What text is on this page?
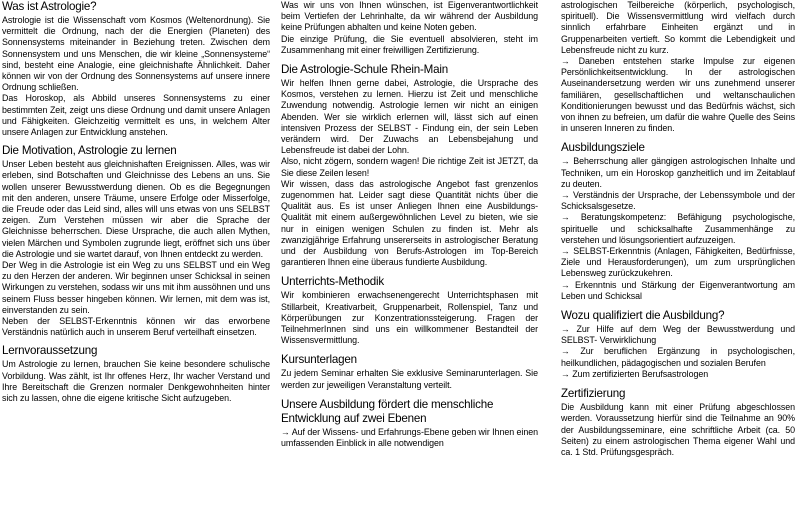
Was ist Astrologie?

Astrologie ist die Wissenschaft vom Kosmos (Weltenordnung). Sie vermittelt die Ordnung, nach der die Energien (Planeten) des Sonnensystems miteinander in Beziehung treten. Zwischen dem Sonnensystem und uns Menschen, die wir kleine „Sonnensysteme“ sind, besteht eine Analogie, eine gleichnishafte Ähnlichkeit. Daher können wir von der Ordnung des Sonnensystems auf unsere innere Ordnung schließen.

Das Horoskop, als Abbild unseres Sonnensystems zu einer bestimmten Zeit, zeigt uns diese Ordnung und damit unsere Anlagen und Fähigkeiten. Gleichzeitig vermittelt es uns, in welchem Alter unsere Anlagen zur Entwicklung anstehen.

Die Motivation, Astrologie zu lernen

Unser Leben besteht aus gleichnishaften Ereignissen. Alles, was wir erleben, sind Botschaften und Gleichnisse des Lebens an uns. Sie wollen unserer Bewusstwerdung dienen. Ob es die Begegnungen mit den anderen, unsere Träume, unsere Erfolge oder Misserfolge, die Freude oder das Leid sind, alles will uns etwas von uns SELBST zeigen. Zum Verstehen müssen wir aber die Sprache der Gleichnisse beherrschen. Diese Ursprache, die auch allen Mythen, vielen Märchen und Symbolen zugrunde liegt, eröffnet sich uns über die Astrologie und sie wartet darauf, von Ihnen entdeckt zu werden.

Der Weg in die Astrologie ist ein Weg zu uns SELBST und ein Weg zu den Herzen der anderen. Wir beginnen unser Schicksal in seinen Wirkungen zu verstehen, sodass wir uns mit ihm aussöhnen und uns seinem Fluss besser hingeben können. Wir lernen, mit dem was ist, einverstanden zu sein.

Neben der SELBST-Erkenntnis können wir das erworbene Verständnis natürlich auch in unserem Beruf verteilhaft einsetzen.

Lernvoraussetzung

Um Astrologie zu lernen, brauchen Sie keine besondere schulische Vorbildung. Was zählt, ist Ihr offenes Herz, Ihr wacher Verstand und Ihre Bereitschaft die Grenzen normaler Denkgewohnheiten hinter sich zu lassen, ohne die eigene kritische Sicht aufzugeben.

Was wir uns von Ihnen wünschen, ist Eigenverantwortlichkeit beim Vertiefen der Lehrinhalte, da wir während der Ausbildung keine Prüfungen abhalten und keine Noten geben.

Die einzige Prüfung, die Sie eventuell absolvieren, steht im Zusammenhang mit einer freiwilligen Zertifizierung.

Die Astrologie-Schule Rhein-Main

Wir helfen Ihnen gerne dabei, Astrologie, die Ursprache des Kosmos, verstehen zu lernen. Hierzu ist Zeit und menschliche Zuwendung notwendig. Astrologie lernen wir nicht an einigen Abenden. Wer sie wirklich erlernen will, lässt sich auf einen intensiven Prozess der SELBST - Findung ein, der sein Leben verändern wird. Der Zuwachs an Lebensbejahung und Lebensfreude ist dabei der Lohn.

Also, nicht zögern, sondern wagen! Die richtige Zeit ist JETZT, da Sie diese Zeilen lesen!

Wir wissen, dass das astrologische Angebot fast grenzenlos zugenommen hat. Leider sagt diese Quantität nichts über die Qualität aus. Es ist unser Anliegen Ihnen eine Ausbildungs-Qualität mit einem außergewöhnlichen Level zu bieten, wie sie nur in einigen wenigen Schulen zu finden ist. Mehr als zwanzigjährige Erfahrung unsererseits in astrologischer Beratung und der Ausbildung von Berufs-Astrologen im Top-Bereich garantieren Ihnen eine überaus fundierte Ausbildung.

Unterrichts-Methodik

Wir kombinieren erwachsenengerecht Unterrichtsphasen mit Stillarbeit, Kreativarbeit, Gruppenarbeit, Rollenspiel, Tanz und Körperübungen zur Konzentrationssteigerung. Fragen der TeilnehmerInnen sind uns ein willkommener Bestandteil der Wissensvermittlung.

Kursunterlagen

Zu jedem Seminar erhalten Sie exklusive Seminarunterlagen. Sie werden zur jeweiligen Veranstaltung verteilt.

Unsere Ausbildung fördert die menschliche Entwicklung auf zwei Ebenen

→ Auf der Wissens- und Erfahrungs-Ebene geben wir Ihnen einen umfassenden Einblick in alle notwendigen

astrologischen Teilbereiche (körperlich, psychologisch, spirituell). Die Wissensvermittlung wird vielfach durch sinnlich erfahrbare Einheiten ergänzt und in Gruppenarbeiten vertieft. So kommt die Lebendigkeit und Lebensfreude nicht zu kurz.

→ Daneben entstehen starke Impulse zur eigenen Persönlichkeitsentwicklung. In der astrologischen Auseinandersetzung werden wir uns zunehmend unserer familiären, gesellschaftlichen und weltanschaulichen Konditionierungen bewusst und das Bedürfnis wächst, sich von ihnen zu befreien, um dafür die wahre Quelle des Seins in unseren Inneren zu finden.

Ausbildungsziele

→ Beherrschung aller gängigen astrologischen Inhalte und Techniken, um ein Horoskop ganzheitlich und im Zeitablauf zu deuten.

→ Verständnis der Ursprache, der Lebenssymbole und der Schicksalsgesetze.

→ Beratungskompetenz: Befähigung psychologische, spirituelle und schicksalhafte Zusammenhänge zu verstehen und lösungsorientiert aufzuzeigen.

→ SELBST-Erkenntnis (Anlagen, Fähigkeiten, Bedürfnisse, Ziele und Herausforderungen), um zum ursprünglichen Lebensweg zurückzukehren.

→ Erkenntnis und Stärkung der Eigenverantwortung am Leben und Schicksal

Wozu qualifiziert die Ausbildung?

→ Zur Hilfe auf dem Weg der Bewusstwerdung und SELBST- Verwirklichung

→ Zur beruflichen Ergänzung in psychologischen, heilkundlichen, pädagogischen und sozialen Berufen

→ Zum zertifizierten Berufsastrologen

Zertifizierung

Die Ausbildung kann mit einer Prüfung abgeschlossen werden. Voraussetzung hierfür sind die Teilnahme an 90% der Ausbildungsseminare, eine schriftliche Arbeit (ca. 50 Seiten) zu einem astrologischen Thema eigener Wahl und ca. 1 Std. Prüfungsgespräch.
